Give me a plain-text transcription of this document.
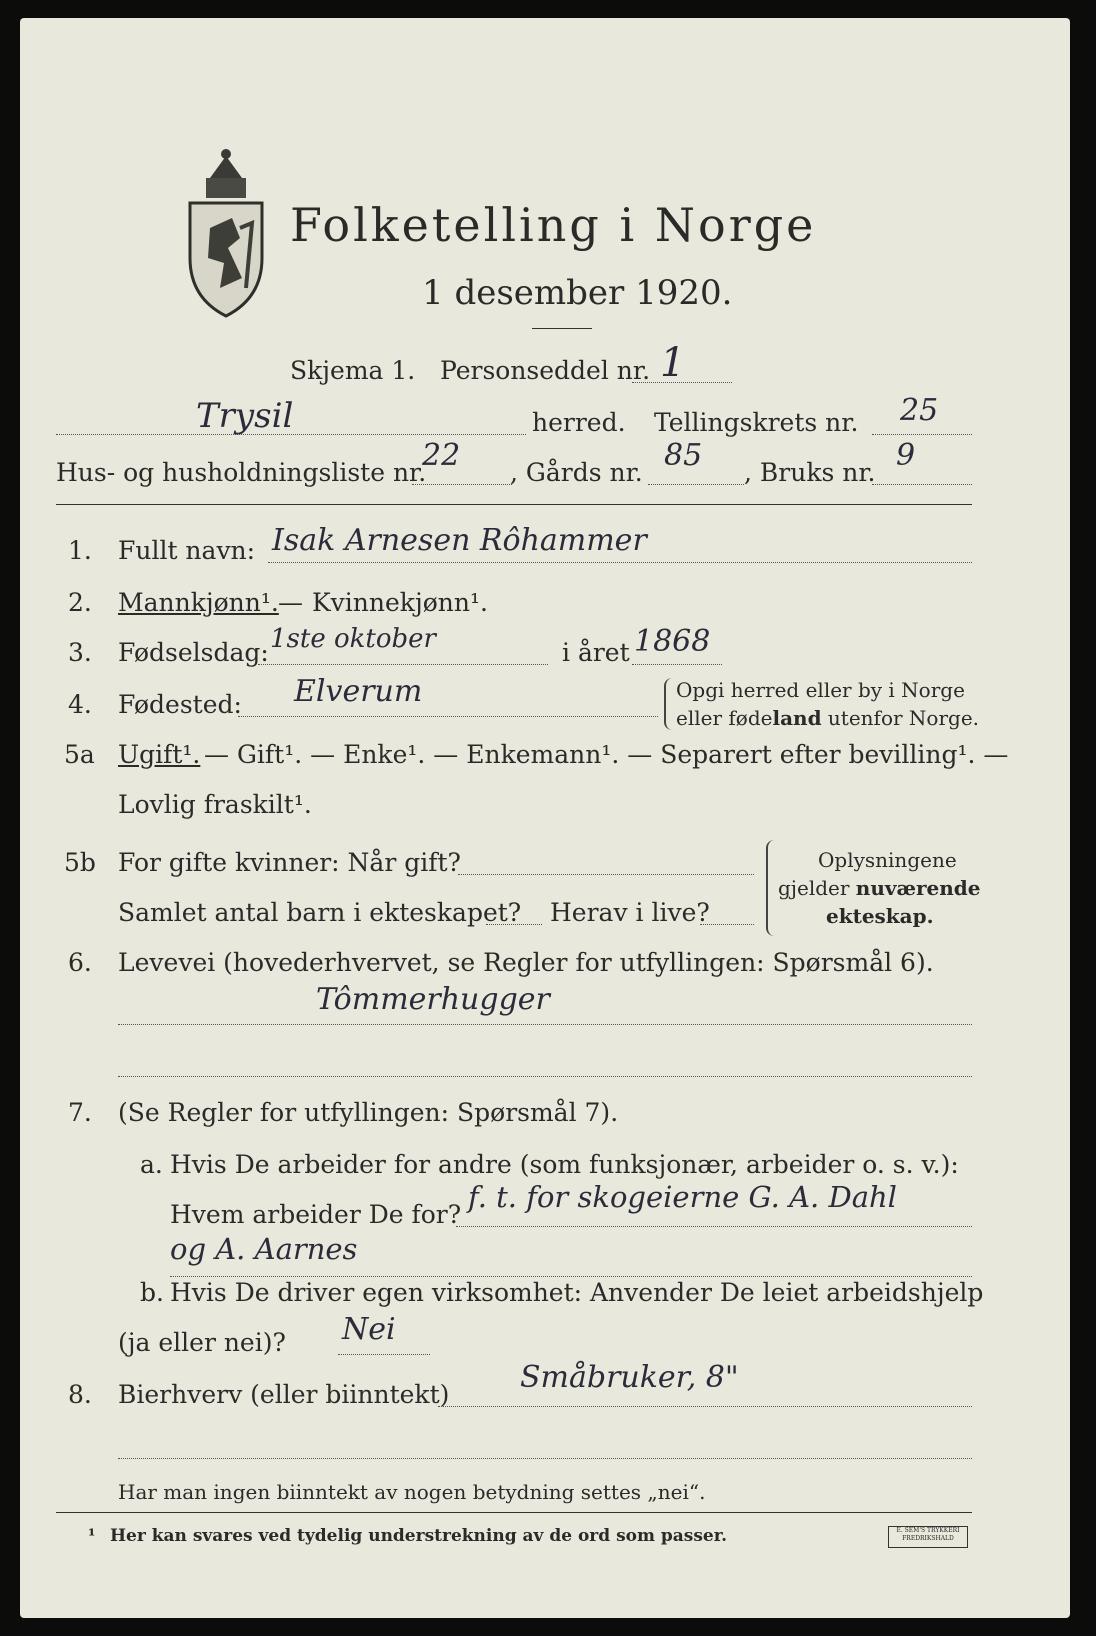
Folketelling i Norge
1 desember 1920.
Skjema 1. Personseddel nr. 1
Trysil	herred. Tellingskrets nr. 25
Hus- og husholdningsliste nr.
22 , Gårds nr. 85 , Bruks nr. 9
1. Fullt navn: Isak Arnesen Rôhammer
2. Mannkjønn¹. — Kvinnekjønn¹.
3. Fødselsdag: 1ste oktober	i året 1868
4. Fødested: Elverum	Opgi herred eller by i Norge
eller fødeland utenfor Norge.
5a Ugift¹. — Gift¹. — Enke¹. — Enkemann¹. — Separert efter bevilling¹. —
Lovlig fraskilt¹.
5b For gifte kvinner: Når gift?
Samlet antal barn i ekteskapet? Herav i live?
Oplysningene
gjelder nuværende
ekteskap.
6. Levevei (hovederhvervet, se Regler for utfyllingen: Spørsmål 6).
Tômmerhugger
7. (Se Regler for utfyllingen: Spørsmål 7).
a. Hvis De arbeider for andre (som funksjonær, arbeider o. s. v.):
Hvem arbeider De for?
f. t. for skogeierne G. A. Dahl
og A. Aarnes
b. Hvis De driver egen virksomhet: Anvender De leiet arbeidshjelp
(ja eller nei)? Nei
8. Bierhverv (eller biinntekt) Småbruker, 8"
Har man ingen biinntekt av nogen betydning settes „nei“.
¹ Her kan svares ved tydelig understrekning av de ord som passer.	E. SEM'S TRYKKERI
FREDRIKSHALD
